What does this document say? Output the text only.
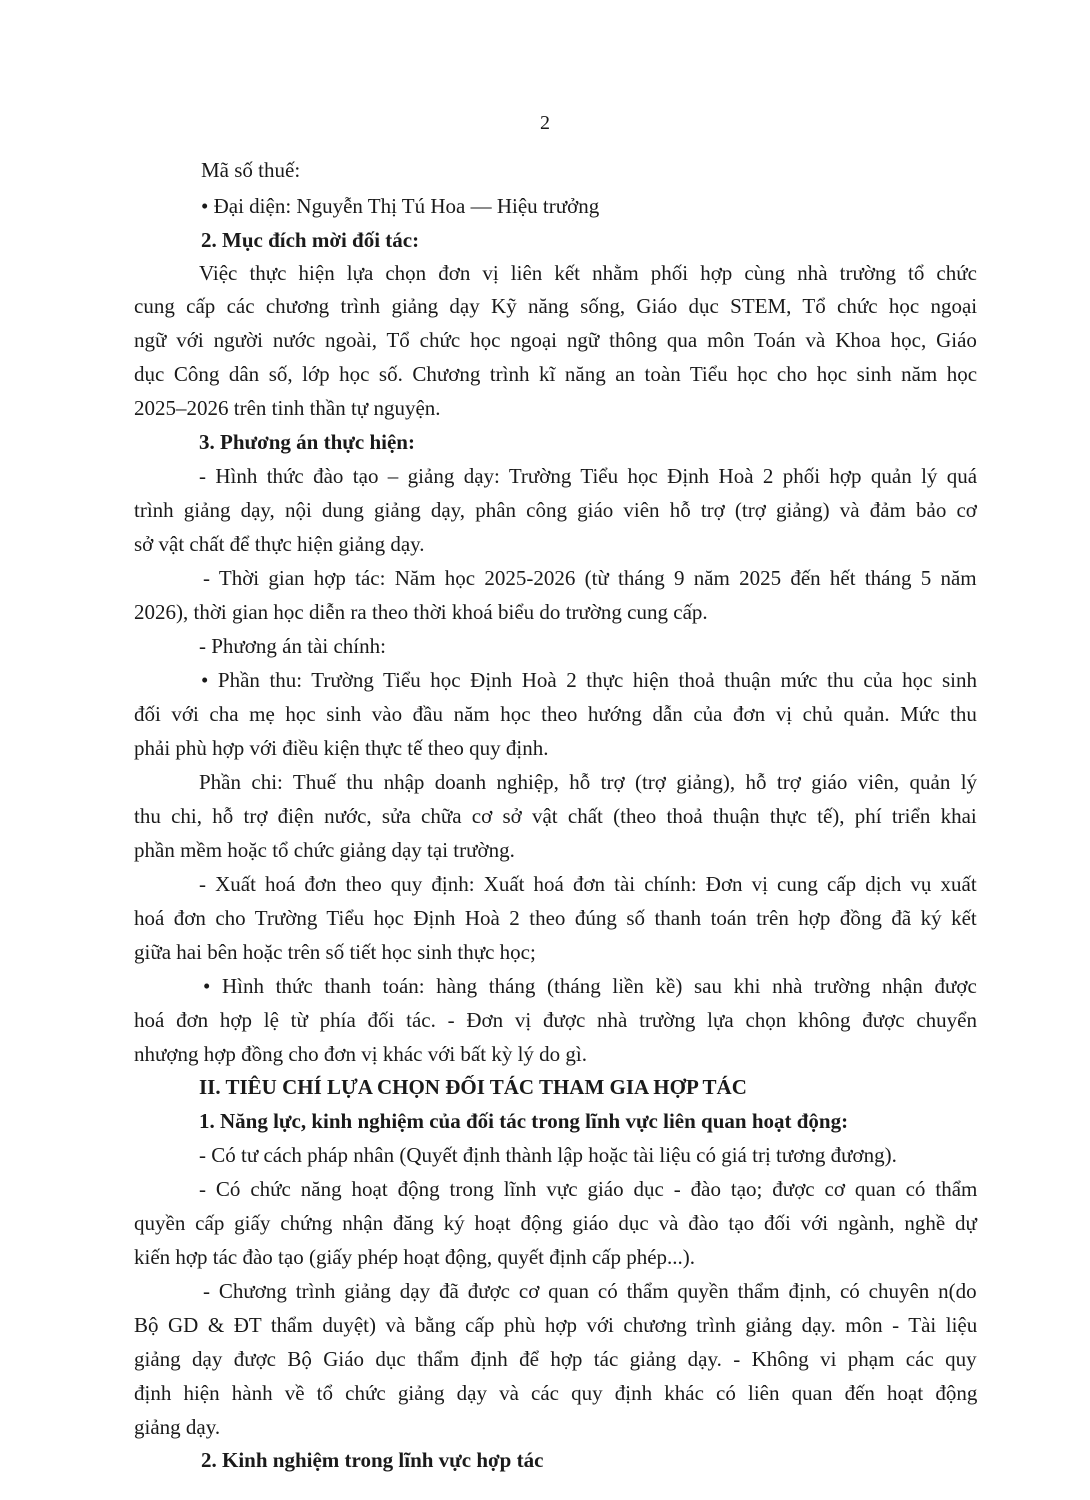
2
Mã số thuế:
• Đại diện: Nguyễn Thị Tú Hoa — Hiệu trưởng
2. Mục đích mời đối tác:
Việc thực hiện lựa chọn đơn vị liên kết nhằm phối hợp cùng nhà trường tổ chức
cung cấp các chương trình giảng dạy Kỹ năng sống, Giáo dục STEM, Tổ chức học ngoại
ngữ với người nước ngoài, Tổ chức học ngoại ngữ thông qua môn Toán và Khoa học, Giáo
dục Công dân số, lớp học số. Chương trình kĩ năng an toàn Tiểu học cho học sinh năm học
2025–2026 trên tinh thần tự nguyện.
3. Phương án thực hiện:
- Hình thức đào tạo – giảng dạy: Trường Tiểu học Định Hoà 2 phối hợp quản lý quá
trình giảng dạy, nội dung giảng dạy, phân công giáo viên hỗ trợ (trợ giảng) và đảm bảo cơ
sở vật chất để thực hiện giảng dạy.
- Thời gian hợp tác: Năm học 2025-2026 (từ tháng 9 năm 2025 đến hết tháng 5 năm
2026), thời gian học diễn ra theo thời khoá biểu do trường cung cấp.
- Phương án tài chính:
• Phần thu: Trường Tiểu học Định Hoà 2 thực hiện thoả thuận mức thu của học sinh
đối với cha mẹ học sinh vào đầu năm học theo hướng dẫn của đơn vị chủ quản. Mức thu
phải phù hợp với điều kiện thực tế theo quy định.
Phần chi: Thuế thu nhập doanh nghiệp, hỗ trợ (trợ giảng), hỗ trợ giáo viên, quản lý
thu chi, hỗ trợ điện nước, sửa chữa cơ sở vật chất (theo thoả thuận thực tế), phí triển khai
phần mềm hoặc tổ chức giảng dạy tại trường.
- Xuất hoá đơn theo quy định: Xuất hoá đơn tài chính: Đơn vị cung cấp dịch vụ xuất
hoá đơn cho Trường Tiểu học Định Hoà 2 theo đúng số thanh toán trên hợp đồng đã ký kết
giữa hai bên hoặc trên số tiết học sinh thực học;
• Hình thức thanh toán: hàng tháng (tháng liền kề) sau khi nhà trường nhận được
hoá đơn hợp lệ từ phía đối tác. - Đơn vị được nhà trường lựa chọn không được chuyển
nhượng hợp đồng cho đơn vị khác với bất kỳ lý do gì.
II. TIÊU CHÍ LỰA CHỌN ĐỐI TÁC THAM GIA HỢP TÁC
1. Năng lực, kinh nghiệm của đối tác trong lĩnh vực liên quan hoạt động:
- Có tư cách pháp nhân (Quyết định thành lập hoặc tài liệu có giá trị tương đương).
- Có chức năng hoạt động trong lĩnh vực giáo dục - đào tạo; được cơ quan có thẩm
quyền cấp giấy chứng nhận đăng ký hoạt động giáo dục và đào tạo đối với ngành, nghề dự
kiến hợp tác đào tạo (giấy phép hoạt động, quyết định cấp phép...).
- Chương trình giảng dạy đã được cơ quan có thẩm quyền thẩm định, có chuyên n(do
Bộ GD & ĐT thẩm duyệt) và bằng cấp phù hợp với chương trình giảng dạy. môn - Tài liệu
giảng dạy được Bộ Giáo dục thẩm định để hợp tác giảng dạy. - Không vi phạm các quy
định hiện hành về tổ chức giảng dạy và các quy định khác có liên quan đến hoạt động
giảng dạy.
2. Kinh nghiệm trong lĩnh vực hợp tác
